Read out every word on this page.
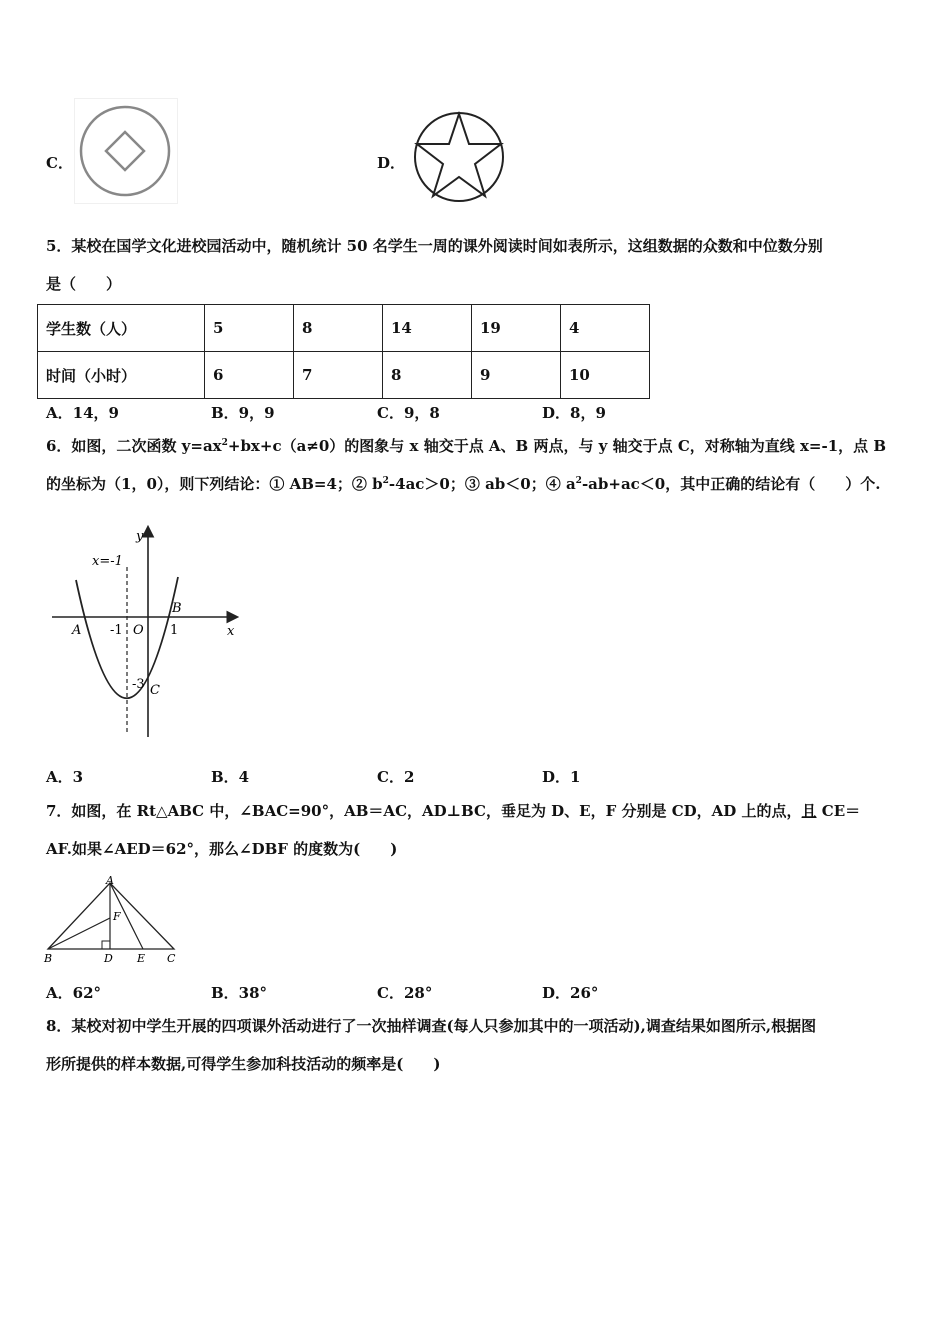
C．	D．
5．某校在国学文化进校园活动中，随机统计 50 名学生一周的课外阅读时间如表所示，这组数据的众数和中位数分别
是（　　）
学生数（人）	5	8	14	19	4
时间（小时）	6	7	8	9	10
A．14，9	B．9，9	C．9，8	D．8，9
6．如图，二次函数 $y=ax^2+bx+c(a\ne 0)$的图象与 x 轴交于点 A、B 两点，与 y 轴交于点 C，对称轴为直线 x=-1，点 B
的坐标为（1，0），则下列结论：① AB=4；② $b^2-4ac>0$；③ ab＜0；④ $a^2-ab+ac<0$，其中正确的结论有（　　）个.
y
x
x=-1
A
B
C
O
-1	1
-3
A．3	B．4	C．2	D．1
7．如图，在 Rt△ABC 中，∠BAC=90°，AB＝AC，AD⊥BC，垂足为 D、E，F 分别是 CD，AD 上的点，且 CE＝
AF.如果∠AED＝62°，那么∠DBF 的度数为(　　)
A
B	C
D E
F
A．62°	B．38°	C．28°	D．26°
8．某校对初中学生开展的四项课外活动进行了一次抽样调查(每人只参加其中的一项活动),调查结果如图所示,根据图
形所提供的样本数据,可得学生参加科技活动的频率是(　　)
